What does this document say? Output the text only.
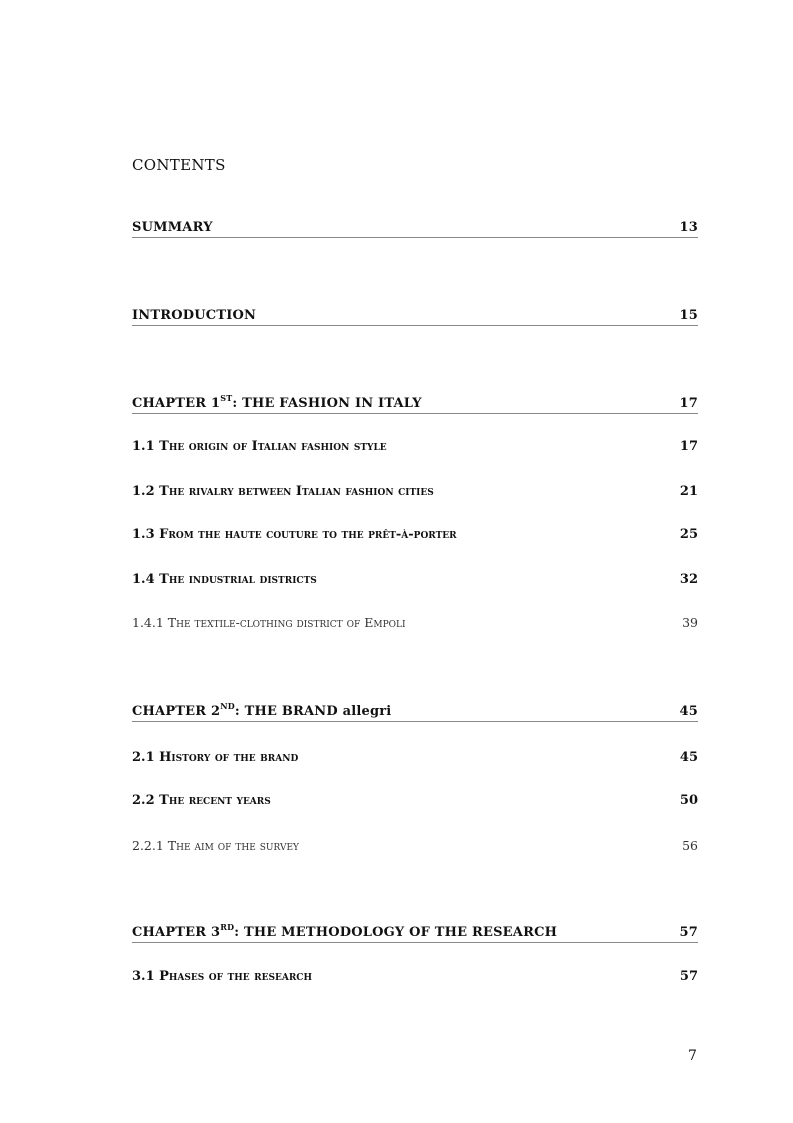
CONTENTS
SUMMARY	13
INTRODUCTION	15
CHAPTER 1ST: THE FASHION IN ITALY	17
1.1 The origin of Italian fashion style	17
1.2 The rivalry between Italian fashion cities	21
1.3 From the haute couture to the prêt-à-porter	25
1.4 The industrial districts	32
1.4.1 The textile-clothing district of Empoli	39
CHAPTER 2ND: THE BRAND allegri	45
2.1 History of the brand	45
2.2 The recent years	50
2.2.1 The aim of the survey	56
CHAPTER 3RD: THE METHODOLOGY OF THE RESEARCH	57
3.1 Phases of the research	57
7
